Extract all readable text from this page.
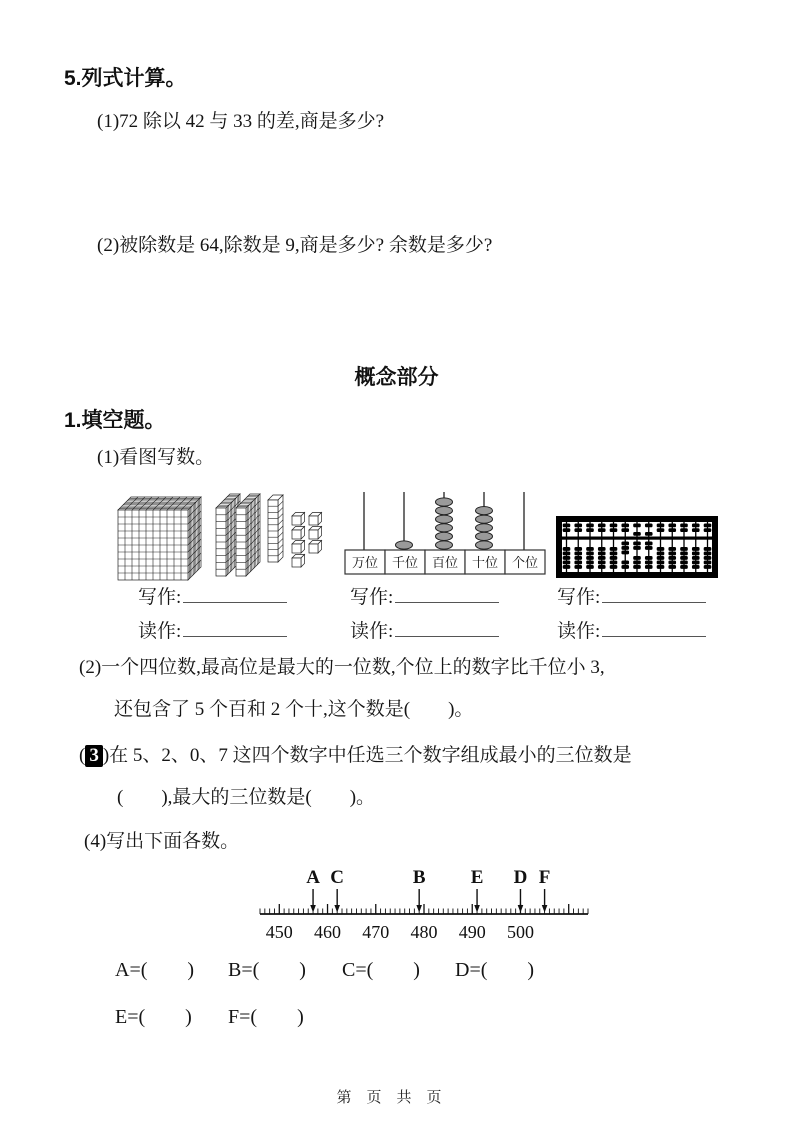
5.列式计算。
(1)72 除以 42 与 33 的差,商是多少?
(2)被除数是 64,除数是 9,商是多少? 余数是多少?
概念部分
1.填空题。
(1)看图写数。
万位 千位 百位 十位 个位
写作:	写作:	写作:
读作:	读作:	读作:
(2)一个四位数,最高位是最大的一位数,个位上的数字比千位小 3,
还包含了 5 个百和 2 个十,这个数是(        )。
( 3 )在 5、2、0、7 这四个数字中任选三个数字组成最小的三位数是
(        ),最大的三位数是(        )。
(4)写出下面各数。
450 460 470 480 490 500
A C	B E D F
A=(        ) B=(        ) C=(        ) D=(        )
E=(        ) F=(        )
第页共页
